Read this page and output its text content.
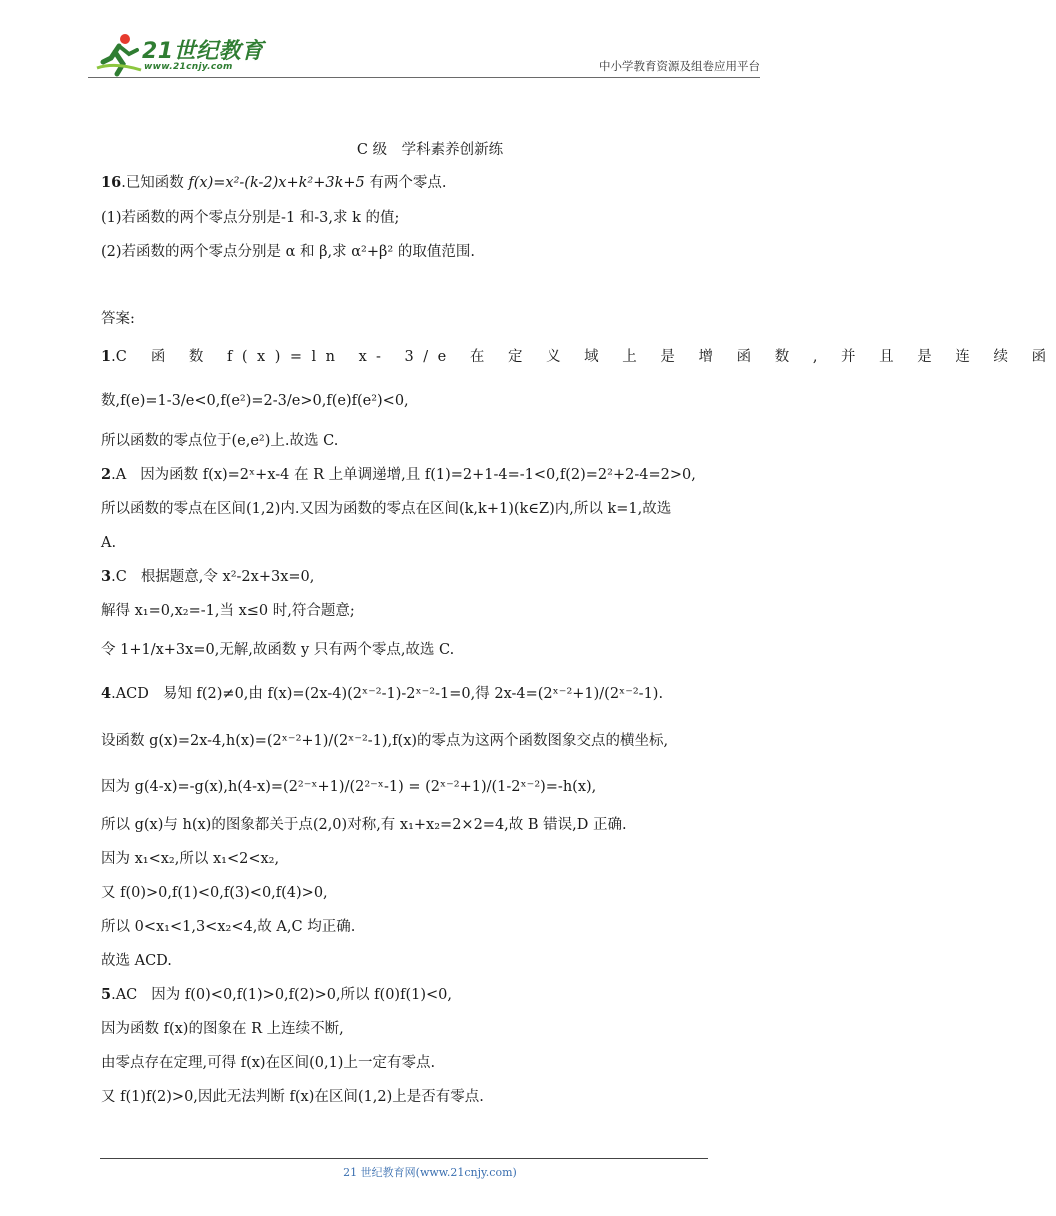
21世纪教育
www.21cnjy.com	中小学教育资源及组卷应用平台
C 级　学科素养创新练
16.已知函数 f(x)=x²-(k-2)x+k²+3k+5 有两个零点.
(1)若函数的两个零点分别是-1 和-3,求 k 的值;
(2)若函数的两个零点分别是 α 和 β,求 α²+β² 的取值范围.
答案:
1.C 函 数 f(x)=ln x- 3/e 在 定 义 域 上 是 增 函 数 , 并 且 是 连 续 函
数,f(e)=1-3/e<0,f(e²)=2-3/e>0,f(e)f(e²)<0,
所以函数的零点位于(e,e²)上.故选 C.
2.A 因为函数 f(x)=2ˣ+x-4 在 R 上单调递增,且 f(1)=2+1-4=-1<0,f(2)=2²+2-4=2>0,
所以函数的零点在区间(1,2)内.又因为函数的零点在区间(k,k+1)(k∈Z)内,所以 k=1,故选
A.
3.C 根据题意,令 x²-2x+3x=0,
解得 x₁=0,x₂=-1,当 x≤0 时,符合题意;
令 1+1/x+3x=0,无解,故函数 y 只有两个零点,故选 C.
4.ACD 易知 f(2)≠0,由 f(x)=(2x-4)(2ˣ⁻²-1)-2ˣ⁻²-1=0,得 2x-4=(2ˣ⁻²+1)/(2ˣ⁻²-1).
设函数 g(x)=2x-4,h(x)=(2ˣ⁻²+1)/(2ˣ⁻²-1),f(x)的零点为这两个函数图象交点的横坐标,
因为 g(4-x)=-g(x),h(4-x)=(2²⁻ˣ+1)/(2²⁻ˣ-1) = (2ˣ⁻²+1)/(1-2ˣ⁻²)=-h(x),
所以 g(x)与 h(x)的图象都关于点(2,0)对称,有 x₁+x₂=2×2=4,故 B 错误,D 正确.
因为 x₁<x₂,所以 x₁<2<x₂,
又 f(0)>0,f(1)<0,f(3)<0,f(4)>0,
所以 0<x₁<1,3<x₂<4,故 A,C 均正确.
故选 ACD.
5.AC 因为 f(0)<0,f(1)>0,f(2)>0,所以 f(0)f(1)<0,
因为函数 f(x)的图象在 R 上连续不断,
由零点存在定理,可得 f(x)在区间(0,1)上一定有零点.
又 f(1)f(2)>0,因此无法判断 f(x)在区间(1,2)上是否有零点.
21 世纪教育网(www.21cnjy.com)
